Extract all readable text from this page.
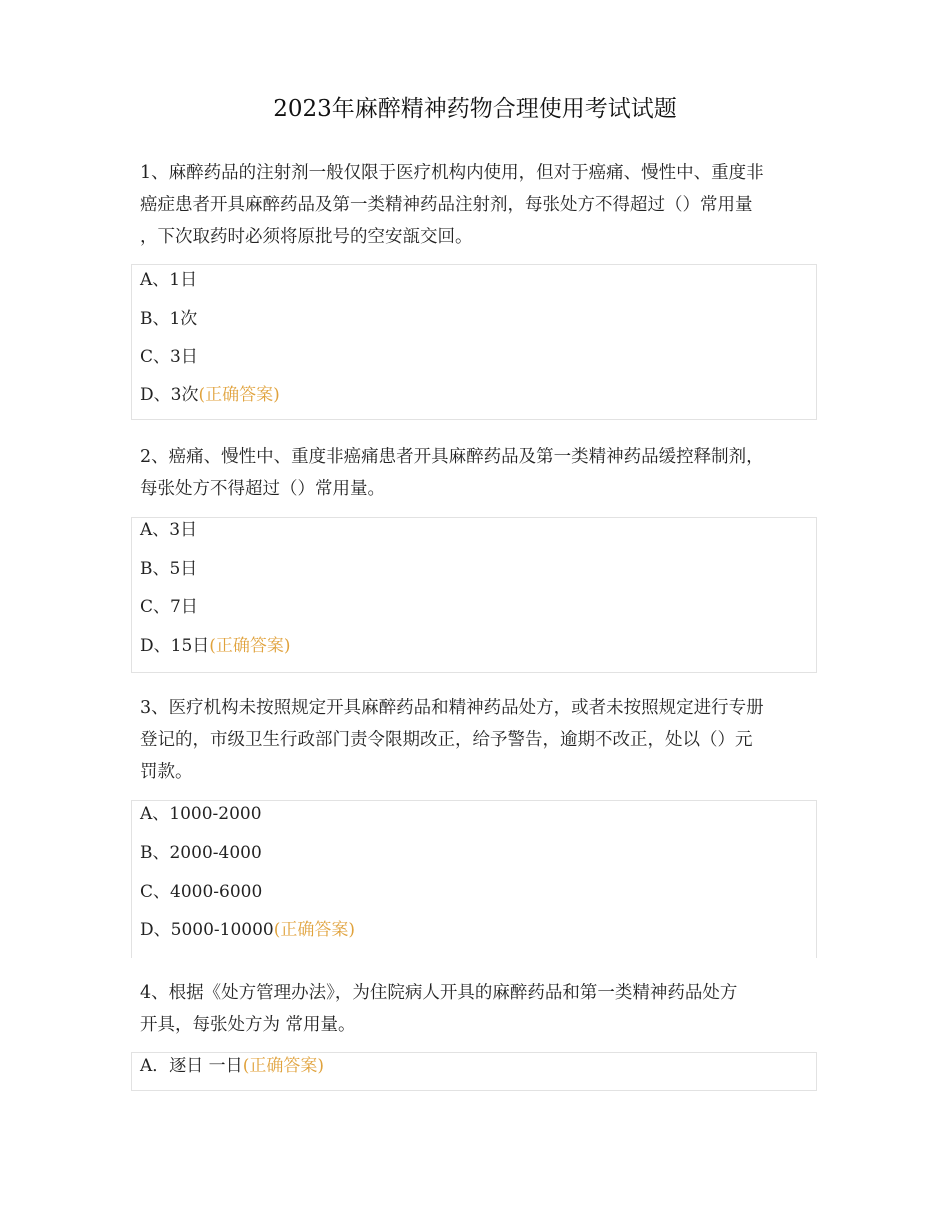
2023年麻醉精神药物合理使用考试试题
1、麻醉药品的注射剂一般仅限于医疗机构内使用，但对于癌痛、慢性中、重度非
癌症患者开具麻醉药品及第一类精神药品注射剂，每张处方不得超过（）常用量
，下次取药时必须将原批号的空安瓿交回。
A、1日
B、1次
C、3日
D、3次(正确答案)
2、癌痛、慢性中、重度非癌痛患者开具麻醉药品及第一类精神药品缓控释制剂，
每张处方不得超过（）常用量。
A、3日
B、5日
C、7日
D、15日(正确答案)
3、医疗机构未按照规定开具麻醉药品和精神药品处方，或者未按照规定进行专册
登记的，市级卫生行政部门责令限期改正，给予警告，逾期不改正，处以（）元
罚款。
A、1000-2000
B、2000-4000
C、4000-6000
D、5000-10000(正确答案)
4、根据《处方管理办法》，为住院病人开具的麻醉药品和第一类精神药品处方
开具，每张处方为 常用量。
A．逐日 一日(正确答案)
